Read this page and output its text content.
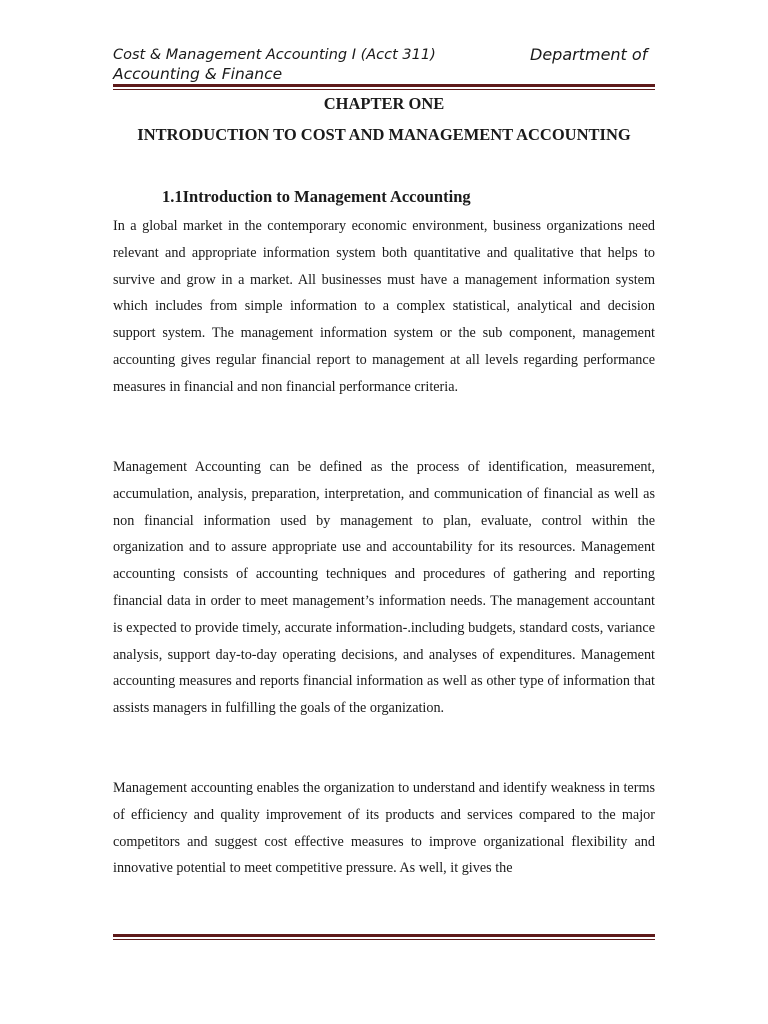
Cost & Management Accounting I (Acct 311)	Department of
Accounting & Finance
CHAPTER ONE
INTRODUCTION TO COST AND MANAGEMENT ACCOUNTING
1.1Introduction to Management Accounting

In a global market in the contemporary economic environment, business organizations need relevant and appropriate information system both quantitative and qualitative that helps to survive and grow in a market. All businesses must have a management information system which includes from simple information to a complex statistical, analytical and decision support system. The management information system or the sub component, management accounting gives regular financial report to management at all levels regarding performance measures in financial and non financial performance criteria.

Management Accounting can be defined as the process of identification, measurement, accumulation, analysis, preparation, interpretation, and communication of financial as well as non financial information used by management to plan, evaluate, control within the organization and to assure appropriate use and accountability for its resources. Management accounting consists of accounting techniques and procedures of gathering and reporting financial data in order to meet management’s information needs. The management accountant is expected to provide timely, accurate information-.including budgets, standard costs, variance analysis, support day-to-day operating decisions, and analyses of expenditures. Management accounting measures and reports financial information as well as other type of information that assists managers in fulfilling the goals of the organization.

Management accounting enables the organization to understand and identify weakness in terms of efficiency and quality improvement of its products and services compared to the major competitors and suggest cost effective measures to improve organizational flexibility and innovative potential to meet competitive pressure. As well, it gives the
